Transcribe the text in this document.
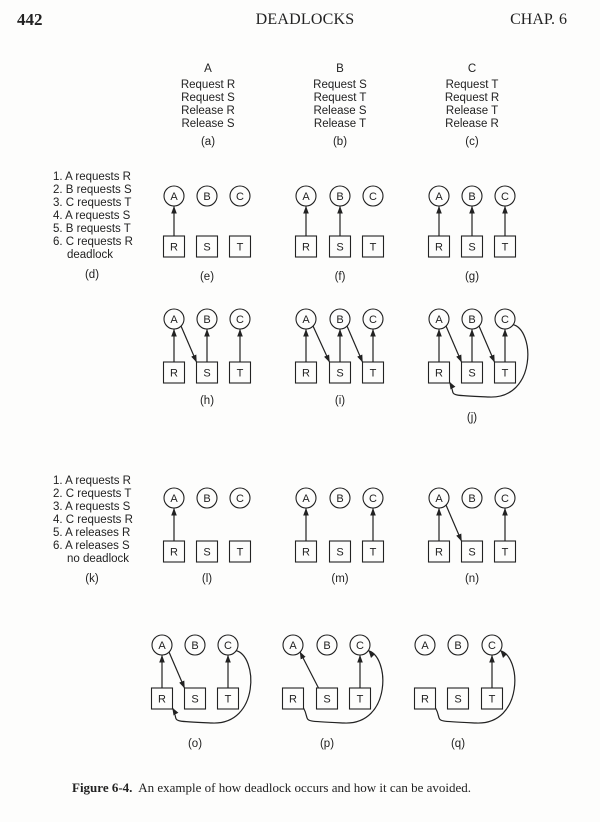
442	DEADLOCKS	CHAP. 6
A
Request R
Request S
Release R
Release S
(a)
B
Request S
Request T
Release S
Release T
(b)
C
Request T
Request R
Release T
Release R
(c)
1. A requests R
2. B requests S
3. C requests T
4. A requests S
5. B requests T
6. C requests R
deadlock
(d)
1. A requests R
2. C requests T
3. A requests S
4. C requests R
5. A releases R
6. A releases S
no deadlock
(k)
A B C
R S T
(e)
A B C
R S T
(f)
A B C
R S T
(g)
A B C
R S T
(h)
A B C
R S T
(i)
A B C
R S T
(j)
A B C
R S T
(l)
A B C
R S T
(m)
A B C
R S T
(n)
A B C
R S T
(o)
A B C
R S T
(p)
A B C
R S T
(q)
Figure 6-4. An example of how deadlock occurs and how it can be avoided.
